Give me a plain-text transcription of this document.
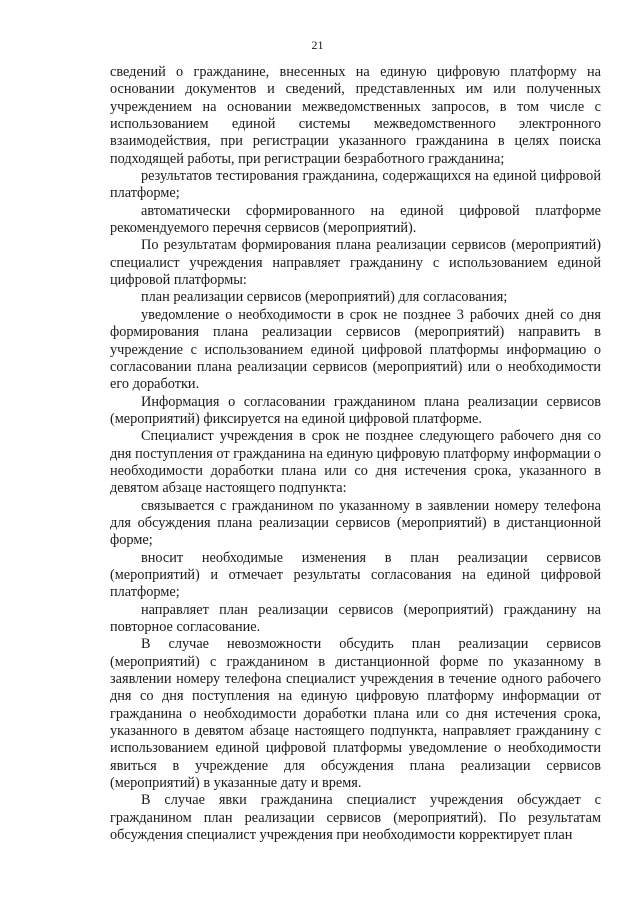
21

сведений о гражданине, внесенных на единую цифровую платформу на основании документов и сведений, представленных им или полученных учреждением на основании межведомственных запросов, в том числе с использованием единой системы межведомственного электронного взаимодействия, при регистрации указанного гражданина в целях поиска подходящей работы, при регистрации безработного гражданина;

результатов тестирования гражданина, содержащихся на единой цифровой платформе;

автоматически сформированного на единой цифровой платформе рекомендуемого перечня сервисов (мероприятий).

По результатам формирования плана реализации сервисов (мероприятий) специалист учреждения направляет гражданину с использованием единой цифровой платформы:

план реализации сервисов (мероприятий) для согласования;

уведомление о необходимости в срок не позднее 3 рабочих дней со дня формирования плана реализации сервисов (мероприятий) направить в учреждение с использованием единой цифровой платформы информацию о согласовании плана реализации сервисов (мероприятий) или о необходимости его доработки.

Информация о согласовании гражданином плана реализации сервисов (мероприятий) фиксируется на единой цифровой платформе.

Специалист учреждения в срок не позднее следующего рабочего дня со дня поступления от гражданина на единую цифровую платформу информации о необходимости доработки плана или со дня истечения срока, указанного в девятом абзаце настоящего подпункта:

связывается с гражданином по указанному в заявлении номеру телефона для обсуждения плана реализации сервисов (мероприятий) в дистанционной форме;

вносит необходимые изменения в план реализации сервисов (мероприятий) и отмечает результаты согласования на единой цифровой платформе;

направляет план реализации сервисов (мероприятий) гражданину на повторное согласование.

В случае невозможности обсудить план реализации сервисов (мероприятий) с гражданином в дистанционной форме по указанному в заявлении номеру телефона специалист учреждения в течение одного рабочего дня со дня поступления на единую цифровую платформу информации от гражданина о необходимости доработки плана или со дня истечения срока, указанного в девятом абзаце настоящего подпункта, направляет гражданину с использованием единой цифровой платформы уведомление о необходимости явиться в учреждение для обсуждения плана реализации сервисов (мероприятий) в указанные дату и время.

В случае явки гражданина специалист учреждения обсуждает с гражданином план реализации сервисов (мероприятий). По результатам обсуждения специалист учреждения при необходимости корректирует план
